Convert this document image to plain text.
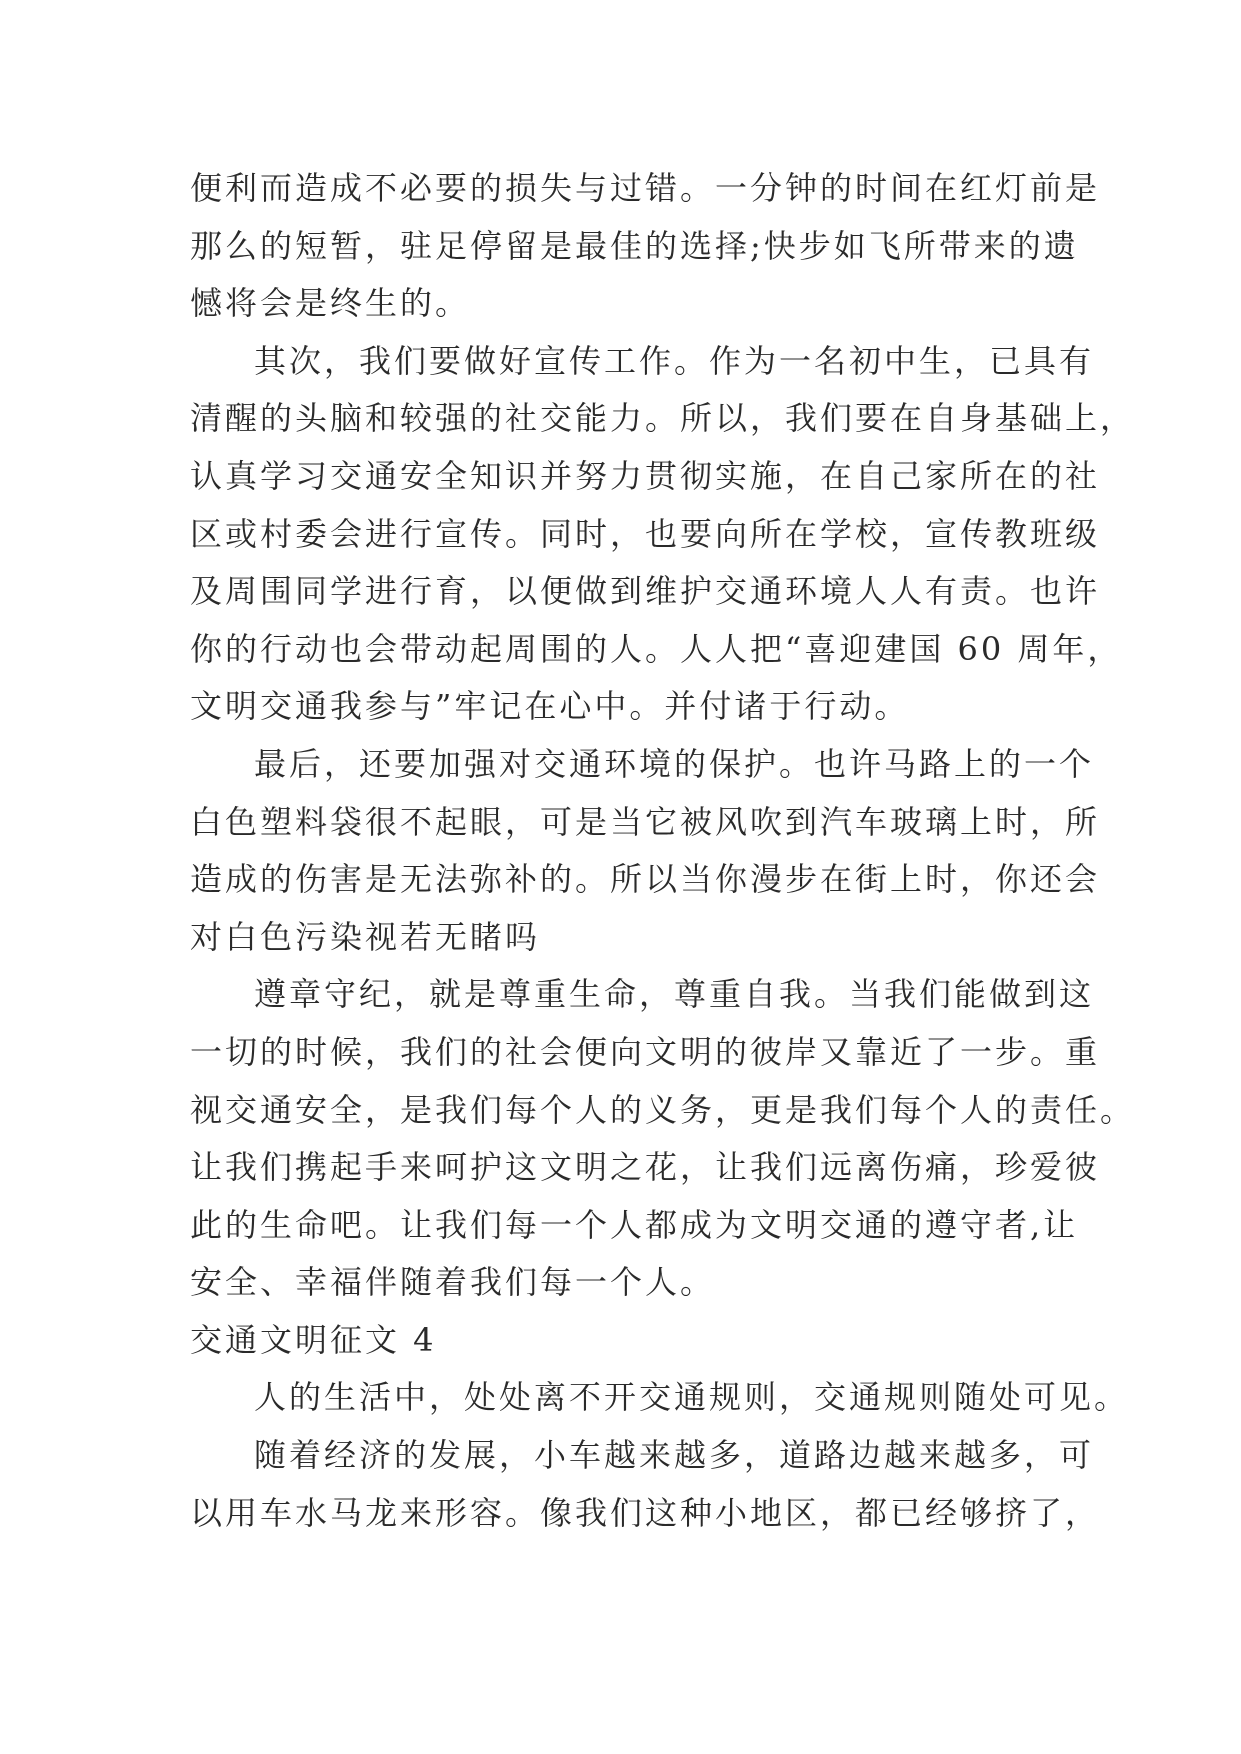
便利而造成不必要的损失与过错。一分钟的时间在红灯前是
那么的短暂，驻足停留是最佳的选择;快步如飞所带来的遗
憾将会是终生的。
其次，我们要做好宣传工作。作为一名初中生，已具有
清醒的头脑和较强的社交能力。所以，我们要在自身基础上，
认真学习交通安全知识并努力贯彻实施，在自己家所在的社
区或村委会进行宣传。同时，也要向所在学校，宣传教班级
及周围同学进行育，以便做到维护交通环境人人有责。也许
你的行动也会带动起周围的人。人人把“喜迎建国 60 周年，
文明交通我参与”牢记在心中。并付诸于行动。
最后，还要加强对交通环境的保护。也许马路上的一个
白色塑料袋很不起眼，可是当它被风吹到汽车玻璃上时，所
造成的伤害是无法弥补的。所以当你漫步在街上时，你还会
对白色污染视若无睹吗
遵章守纪，就是尊重生命，尊重自我。当我们能做到这
一切的时候，我们的社会便向文明的彼岸又靠近了一步。重
视交通安全，是我们每个人的义务，更是我们每个人的责任。
让我们携起手来呵护这文明之花，让我们远离伤痛，珍爱彼
此的生命吧。让我们每一个人都成为文明交通的遵守者,让
安全、幸福伴随着我们每一个人。
交通文明征文 4
人的生活中，处处离不开交通规则，交通规则随处可见。
随着经济的发展，小车越来越多，道路边越来越多，可
以用车水马龙来形容。像我们这种小地区，都已经够挤了，
